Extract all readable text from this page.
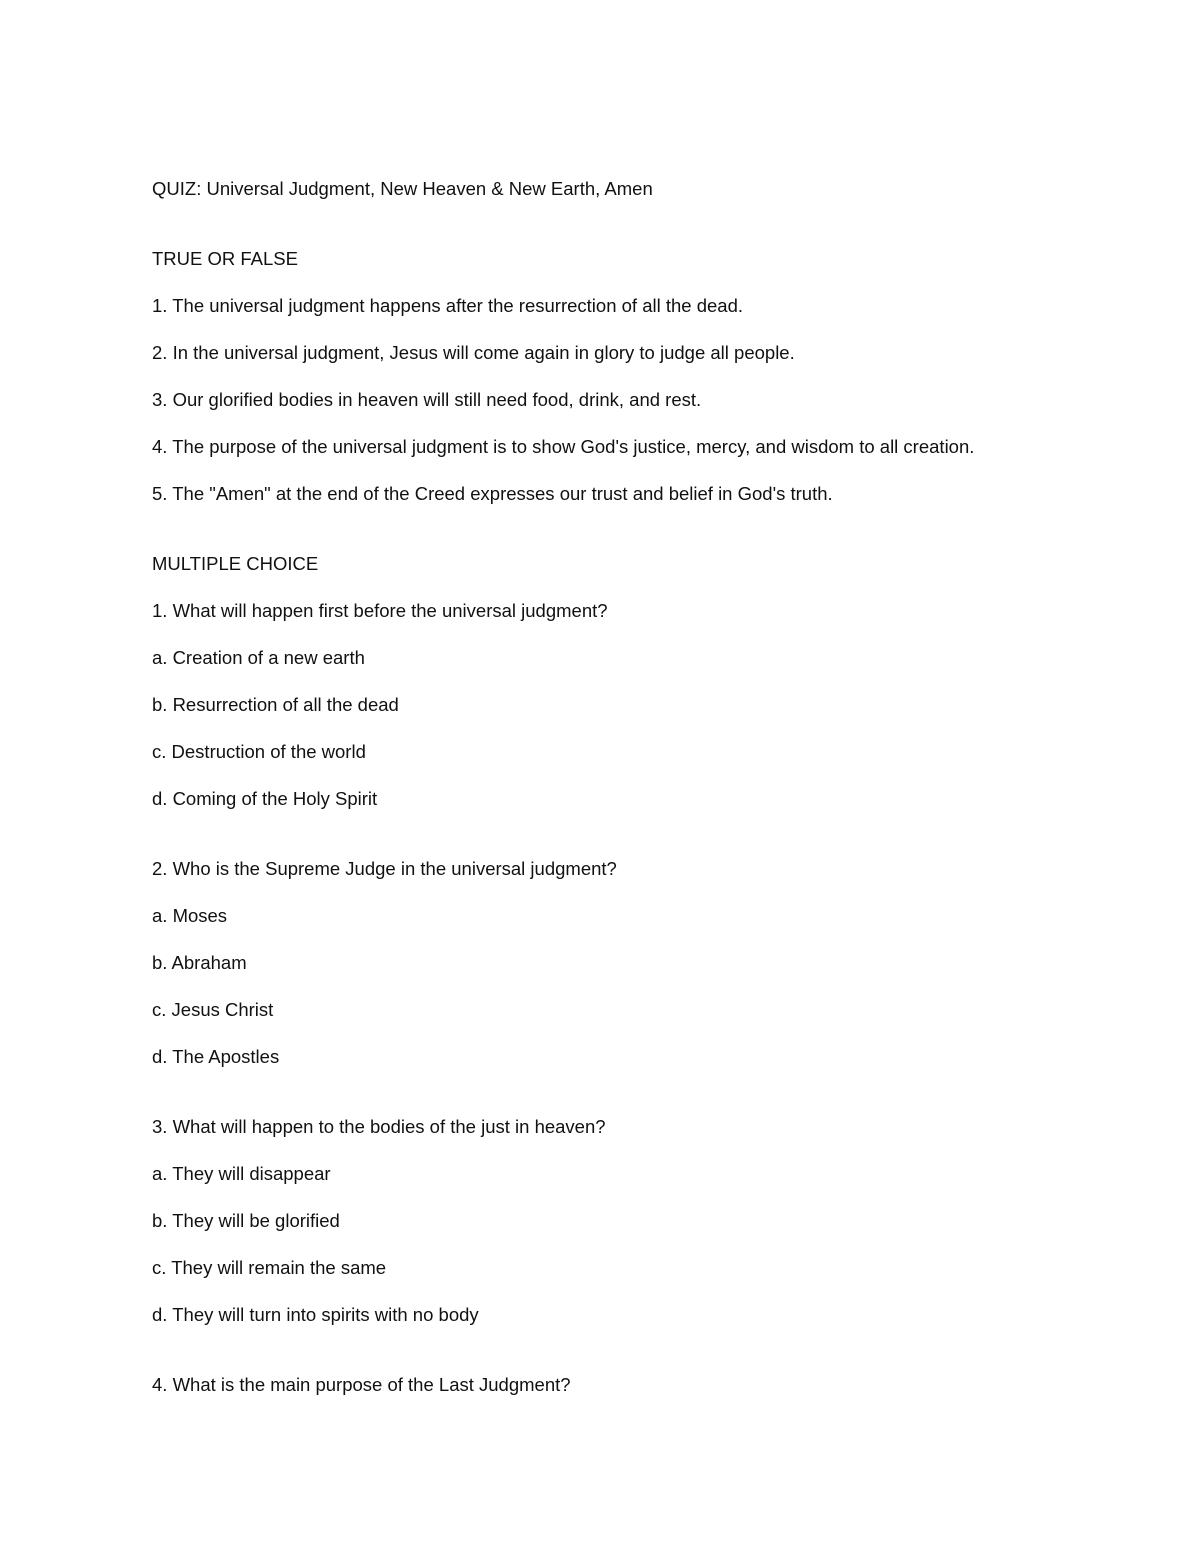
QUIZ: Universal Judgment, New Heaven & New Earth, Amen

TRUE OR FALSE

1. The universal judgment happens after the resurrection of all the dead.

2. In the universal judgment, Jesus will come again in glory to judge all people.

3. Our glorified bodies in heaven will still need food, drink, and rest.

4. The purpose of the universal judgment is to show God's justice, mercy, and wisdom to all creation.

5. The "Amen" at the end of the Creed expresses our trust and belief in God's truth.

MULTIPLE CHOICE

1. What will happen first before the universal judgment?

a. Creation of a new earth

b. Resurrection of all the dead

c. Destruction of the world

d. Coming of the Holy Spirit

2. Who is the Supreme Judge in the universal judgment?

a. Moses

b. Abraham

c. Jesus Christ

d. The Apostles

3. What will happen to the bodies of the just in heaven?

a. They will disappear

b. They will be glorified

c. They will remain the same

d. They will turn into spirits with no body

4. What is the main purpose of the Last Judgment?
